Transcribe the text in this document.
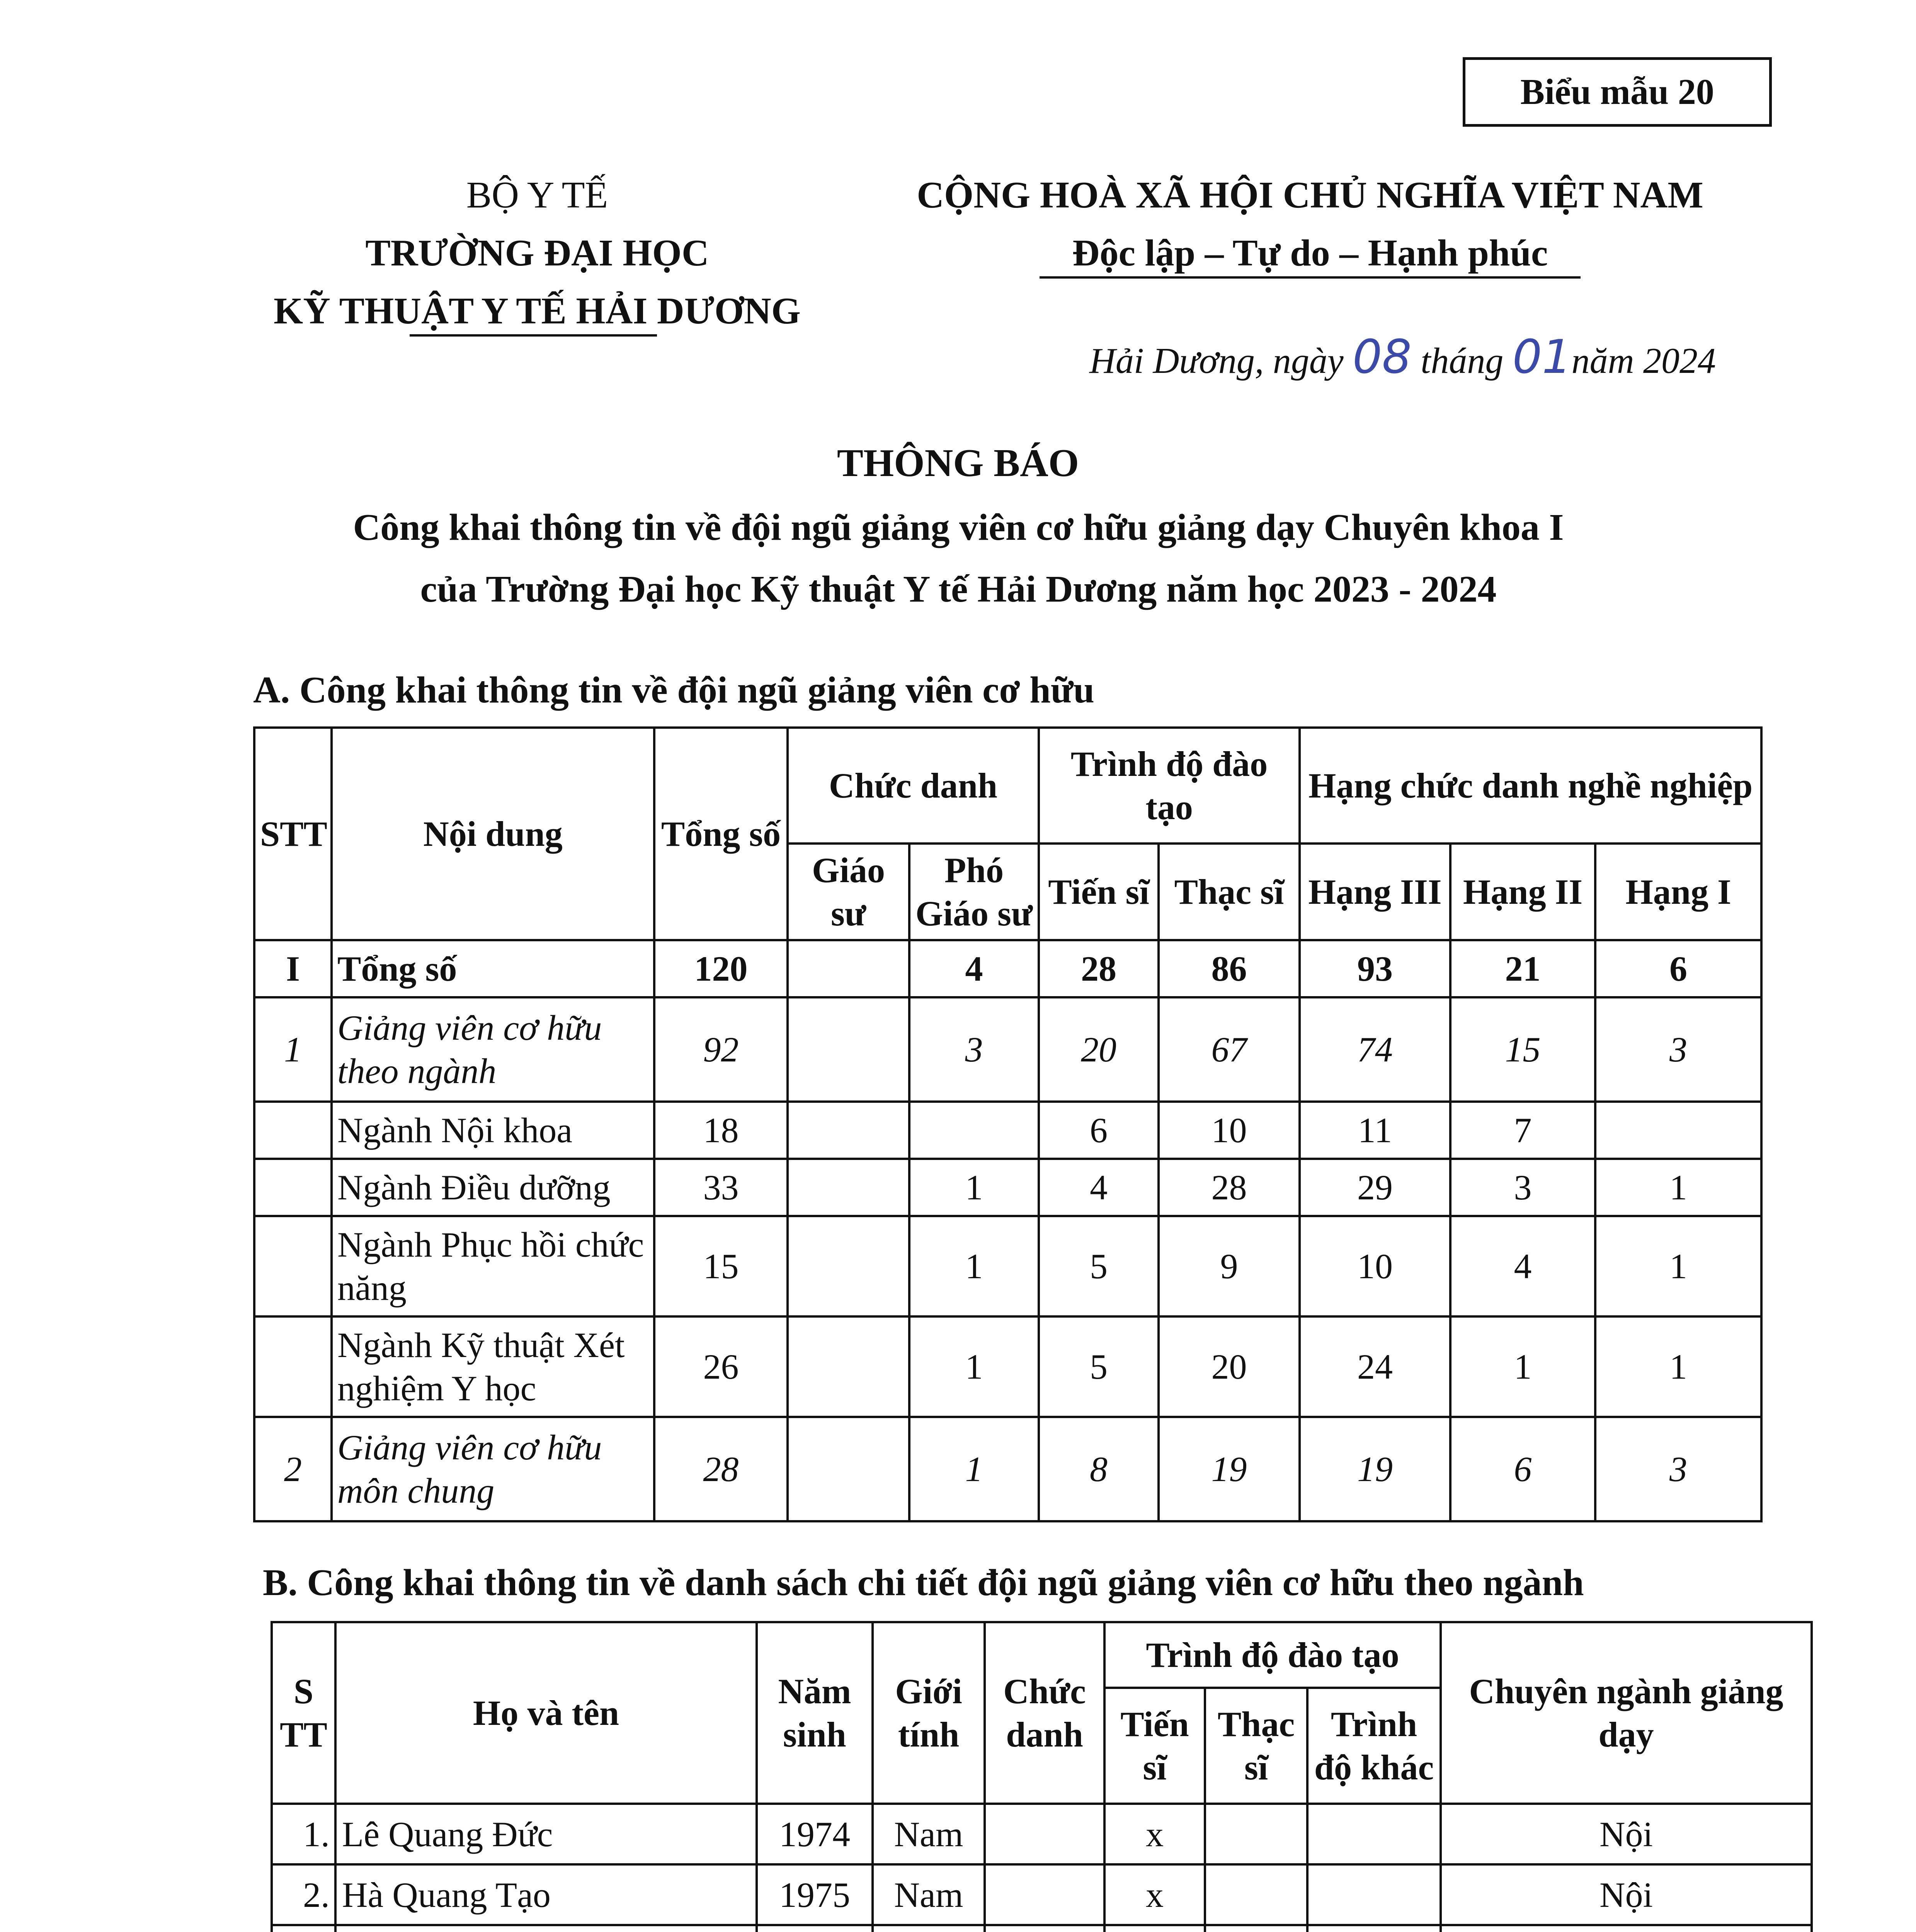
Biểu mẫu 20
BỘ Y TẾ
TRƯỜNG ĐẠI HỌC
KỸ THUẬT Y TẾ HẢI DƯƠNG
CỘNG HOÀ XÃ HỘI CHỦ NGHĨA VIỆT NAM
Độc lập – Tự do – Hạnh phúc
Hải Dương, ngày 08 tháng 01năm 2024
THÔNG BÁO
Công khai thông tin về đội ngũ giảng viên cơ hữu giảng dạy Chuyên khoa I
của Trường Đại học Kỹ thuật Y tế Hải Dương năm học 2023 - 2024
A. Công khai thông tin về đội ngũ giảng viên cơ hữu
STT	Nội dung	Tổng số	Chức danh		Trình độ đào tạo		Hạng chức danh nghề nghiệp		
			Giáo sư	Phó Giáo sư	Tiến sĩ	Thạc sĩ	Hạng III	Hạng II	Hạng I
I	Tổng số	120		4	28	86	93	21	6
1	Giảng viên cơ hữu theo ngành	92		3	20	67	74	15	3
	Ngành Nội khoa	18			6	10	11	7	
	Ngành Điều dưỡng	33		1	4	28	29	3	1
	Ngành Phục hồi chức năng	15		1	5	9	10	4	1
	Ngành Kỹ thuật Xét nghiệm Y học	26		1	5	20	24	1	1
2	Giảng viên cơ hữu môn chung	28		1	8	19	19	6	3
B. Công khai thông tin về danh sách chi tiết đội ngũ giảng viên cơ hữu theo ngành
S TT	Họ và tên	Năm sinh	Giới tính	Chức danh	Trình độ đào tạo			Chuyên ngành giảng dạy
					Tiến sĩ	Thạc sĩ	Trình độ khác	
1.	Lê Quang Đức	1974	Nam		x			Nội
2.	Hà Quang Tạo	1975	Nam		x			Nội
